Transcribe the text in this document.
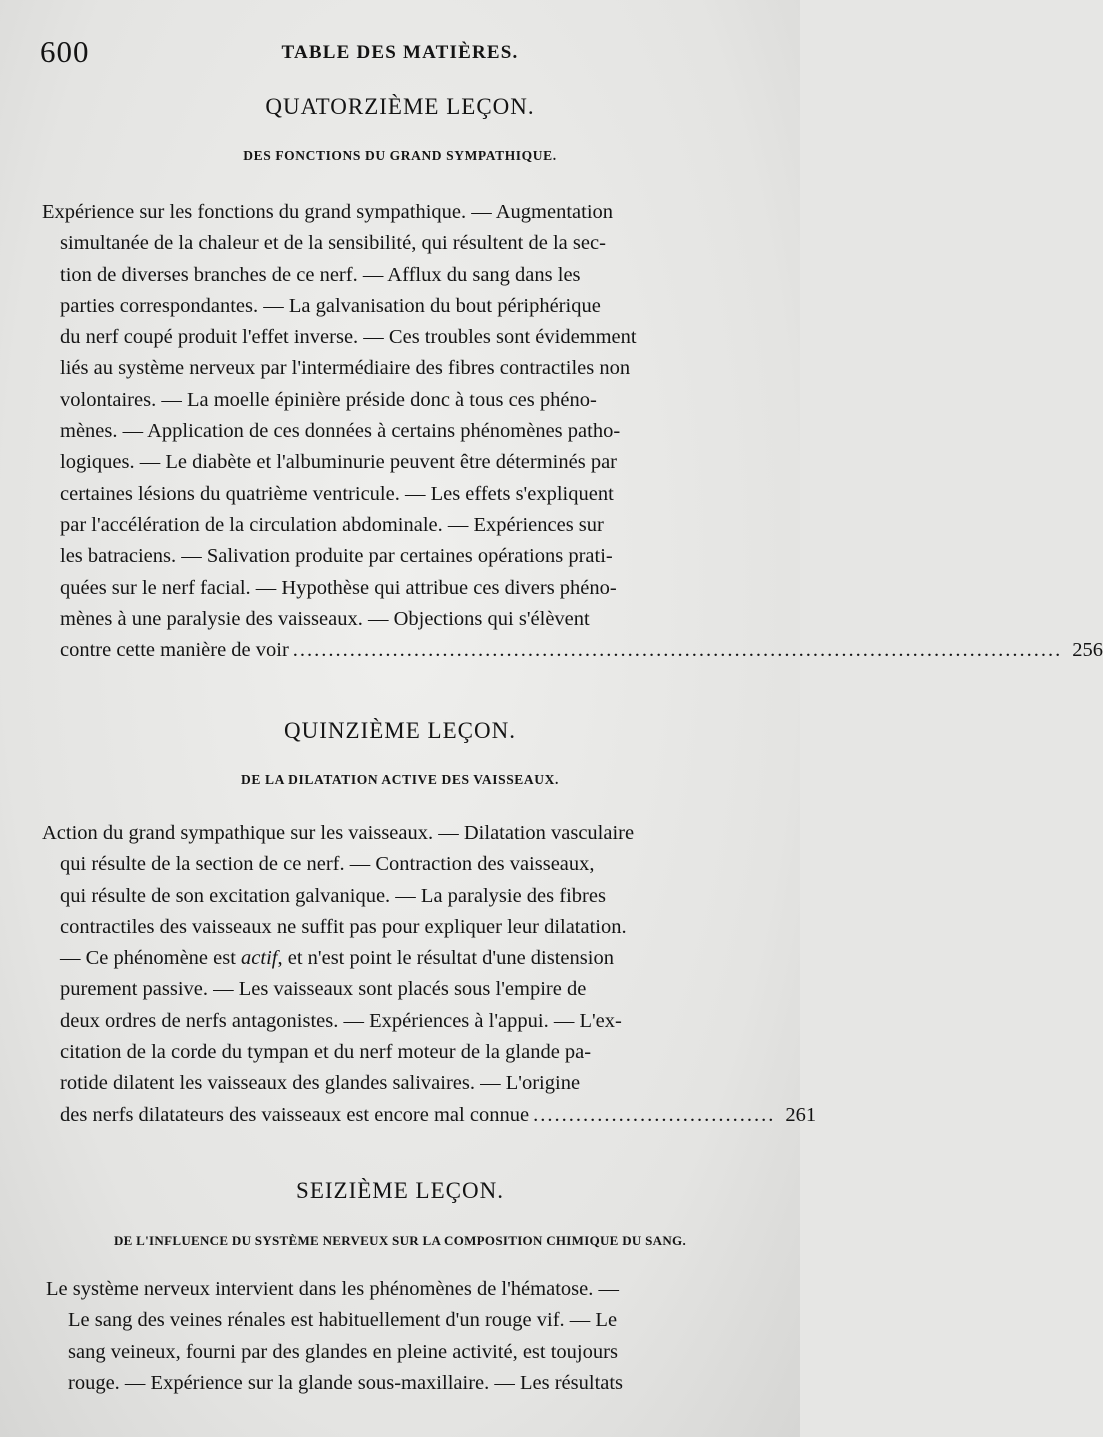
600	TABLE DES MATIÈRES.
QUATORZIÈME LEÇON.
DES FONCTIONS DU GRAND SYMPATHIQUE.
Expérience sur les fonctions du grand sympathique. — Augmentation
simultanée de la chaleur et de la sensibilité, qui résultent de la sec-
tion de diverses branches de ce nerf. — Afflux du sang dans les
parties correspondantes. — La galvanisation du bout périphérique
du nerf coupé produit l'effet inverse. — Ces troubles sont évidemment
liés au système nerveux par l'intermédiaire des fibres contractiles non
volontaires. — La moelle épinière préside donc à tous ces phéno-
mènes. — Application de ces données à certains phénomènes patho-
logiques. — Le diabète et l'albuminurie peuvent être déterminés par
certaines lésions du quatrième ventricule. — Les effets s'expliquent
par l'accélération de la circulation abdominale. — Expériences sur
les batraciens. — Salivation produite par certaines opérations prati-
quées sur le nerf facial. — Hypothèse qui attribue ces divers phéno-
mènes à une paralysie des vaisseaux. — Objections qui s'élèvent
contre cette manière de voir ............................................................................................................ 256
QUINZIÈME LEÇON.
DE LA DILATATION ACTIVE DES VAISSEAUX.
Action du grand sympathique sur les vaisseaux. — Dilatation vasculaire
qui résulte de la section de ce nerf. — Contraction des vaisseaux,
qui résulte de son excitation galvanique. — La paralysie des fibres
contractiles des vaisseaux ne suffit pas pour expliquer leur dilatation.
— Ce phénomène est actif, et n'est point le résultat d'une distension
purement passive. — Les vaisseaux sont placés sous l'empire de
deux ordres de nerfs antagonistes. — Expériences à l'appui. — L'ex-
citation de la corde du tympan et du nerf moteur de la glande pa-
rotide dilatent les vaisseaux des glandes salivaires. — L'origine
des nerfs dilatateurs des vaisseaux est encore mal connue .................................. 261
SEIZIÈME LEÇON.
DE L'INFLUENCE DU SYSTÈME NERVEUX SUR LA COMPOSITION CHIMIQUE DU SANG.
Le système nerveux intervient dans les phénomènes de l'hématose. —
Le sang des veines rénales est habituellement d'un rouge vif. — Le
sang veineux, fourni par des glandes en pleine activité, est toujours
rouge. — Expérience sur la glande sous-maxillaire. — Les résultats
